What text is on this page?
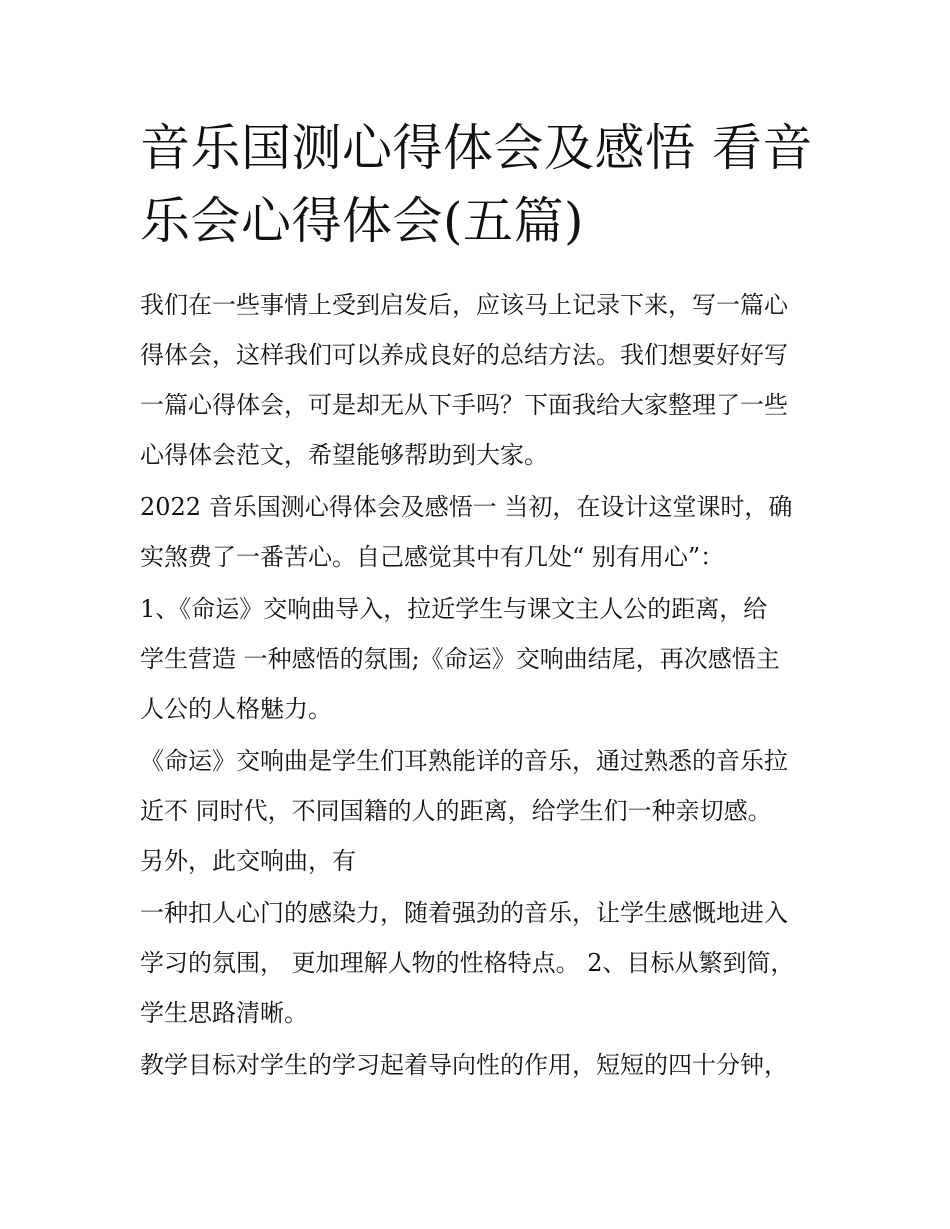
音乐国测心得体会及感悟 看音
乐会心得体会(五篇)
我们在一些事情上受到启发后，应该马上记录下来，写一篇心
得体会，这样我们可以养成良好的总结方法。我们想要好好写
一篇心得体会，可是却无从下手吗？下面我给大家整理了一些
心得体会范文，希望能够帮助到大家。
2022 音乐国测心得体会及感悟一 当初，在设计这堂课时，确
实煞费了一番苦心。自己感觉其中有几处“ 别有用心”：
1、《命运》交响曲导入，拉近学生与课文主人公的距离，给
学生营造 一种感悟的氛围;《命运》交响曲结尾，再次感悟主
人公的人格魅力。
《命运》交响曲是学生们耳熟能详的音乐，通过熟悉的音乐拉
近不 同时代，不同国籍的人的距离，给学生们一种亲切感。
另外，此交响曲，有
一种扣人心门的感染力，随着强劲的音乐，让学生感慨地进入
学习的氛围， 更加理解人物的性格特点。 2、目标从繁到简，
学生思路清晰。
教学目标对学生的学习起着导向性的作用，短短的四十分钟，
